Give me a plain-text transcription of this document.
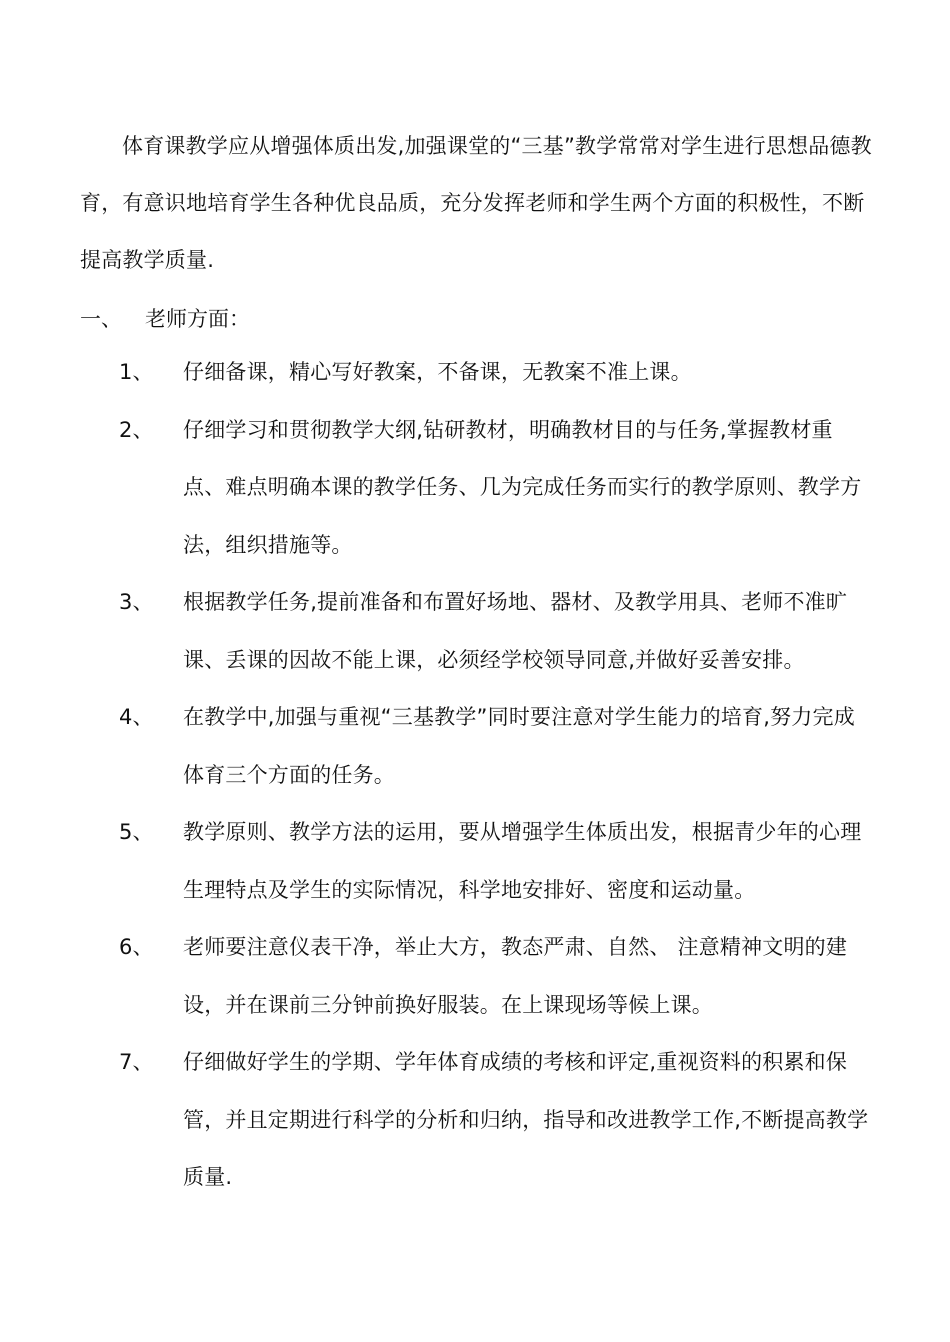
体育课教学应从增强体质出发,加强课堂的“三基”教学常常对学生进行思想品德教育，有意识地培育学生各种优良品质，充分发挥老师和学生两个方面的积极性，不断提高教学质量.

一、	老师方面：
1、	仔细备课，精心写好教案，不备课，无教案不准上课。
2、	仔细学习和贯彻教学大纲,钻研教材，明确教材目的与任务,掌握教材重点、难点明确本课的教学任务、几为完成任务而实行的教学原则、教学方法，组织措施等。
3、	根据教学任务,提前准备和布置好场地、器材、及教学用具、老师不准旷课、丢课的因故不能上课，必须经学校领导同意,并做好妥善安排。
4、	在教学中,加强与重视“三基教学”同时要注意对学生能力的培育,努力完成体育三个方面的任务。
5、	教学原则、教学方法的运用，要从增强学生体质出发，根据青少年的心理生理特点及学生的实际情况，科学地安排好、密度和运动量。
6、	老师要注意仪表干净，举止大方，教态严肃、自然、 注意精神文明的建设，并在课前三分钟前换好服装。在上课现场等候上课。
7、	仔细做好学生的学期、学年体育成绩的考核和评定,重视资料的积累和保管，并且定期进行科学的分析和归纳，指导和改进教学工作,不断提高教学质量.
